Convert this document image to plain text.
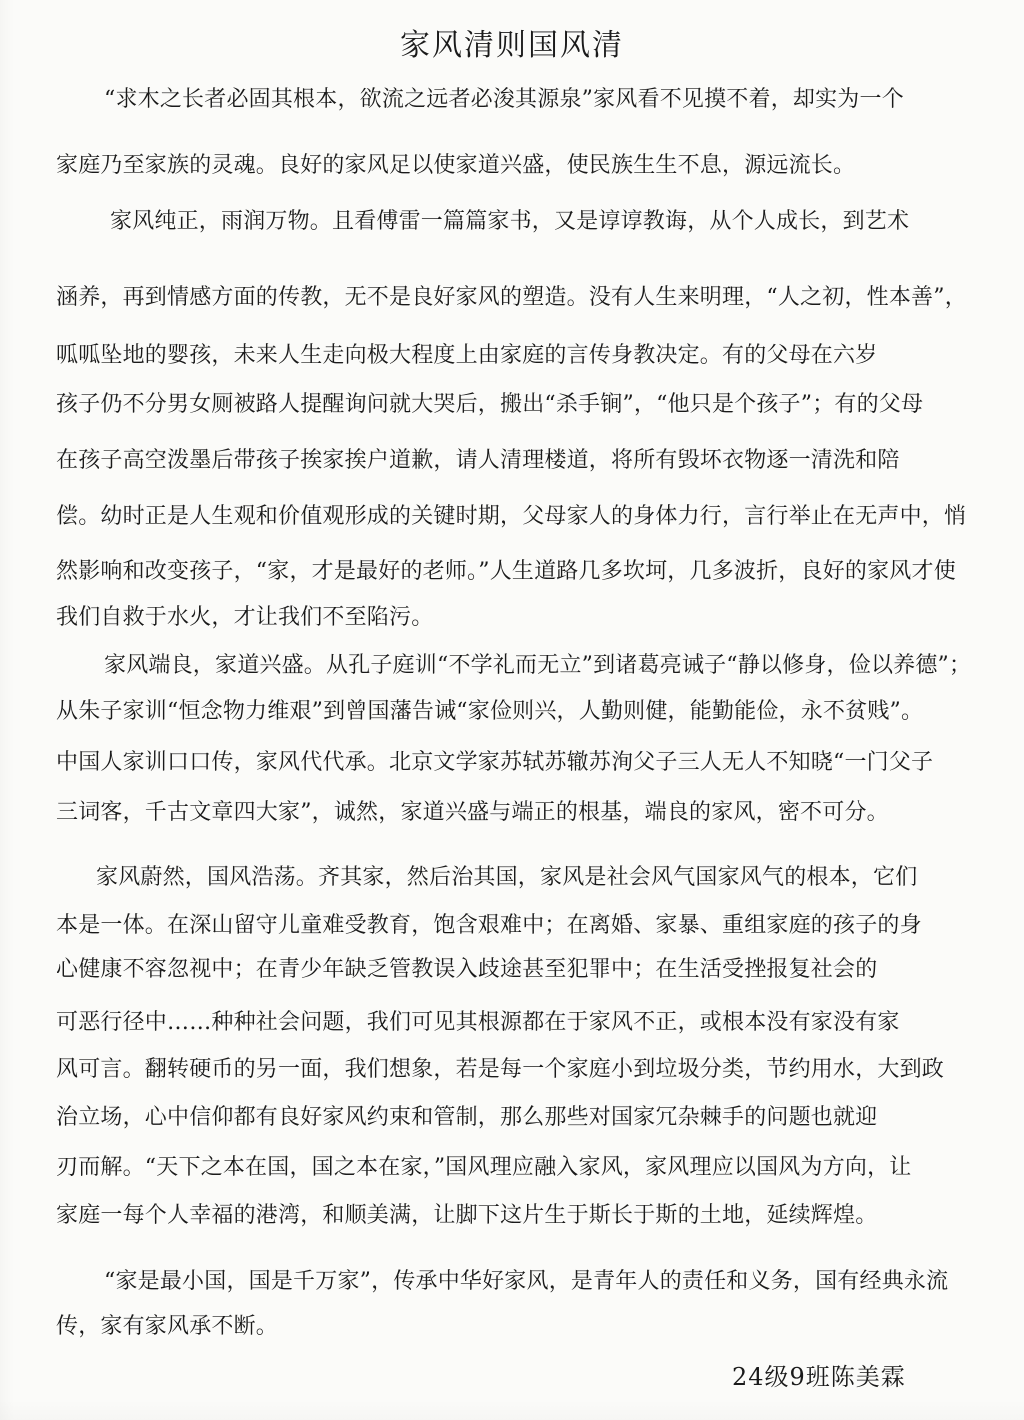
家风清则国风清
“求木之长者必固其根本，欲流之远者必浚其源泉”家风看不见摸不着，却实为一个
家庭乃至家族的灵魂。良好的家风足以使家道兴盛，使民族生生不息，源远流长。
家风纯正，雨润万物。且看傅雷一篇篇家书，又是谆谆教诲，从个人成长，到艺术
涵养，再到情感方面的传教，无不是良好家风的塑造。没有人生来明理，“人之初，性本善”，
呱呱坠地的婴孩，未来人生走向极大程度上由家庭的言传身教决定。有的父母在六岁
孩子仍不分男女厕被路人提醒询问就大哭后，搬出“杀手锏”，“他只是个孩子”；有的父母
在孩子高空泼墨后带孩子挨家挨户道歉，请人清理楼道，将所有毁坏衣物逐一清洗和陪
偿。幼时正是人生观和价值观形成的关键时期，父母家人的身体力行，言行举止在无声中，悄
然影响和改变孩子，“家，才是最好的老师。”人生道路几多坎坷，几多波折，良好的家风才使
我们自救于水火，才让我们不至陷污。
家风端良，家道兴盛。从孔子庭训“不学礼而无立”到诸葛亮诫子“静以修身，俭以养德”；
从朱子家训“恒念物力维艰”到曾国藩告诫“家俭则兴，人勤则健，能勤能俭，永不贫贱”。
中国人家训口口传，家风代代承。北京文学家苏轼苏辙苏洵父子三人无人不知晓“一门父子
三词客，千古文章四大家”，诚然，家道兴盛与端正的根基，端良的家风，密不可分。
家风蔚然，国风浩荡。齐其家，然后治其国，家风是社会风气国家风气的根本，它们
本是一体。在深山留守儿童难受教育，饱含艰难中；在离婚、家暴、重组家庭的孩子的身
心健康不容忽视中；在青少年缺乏管教误入歧途甚至犯罪中；在生活受挫报复社会的
可恶行径中……种种社会问题，我们可见其根源都在于家风不正，或根本没有家没有家
风可言。翻转硬币的另一面，我们想象，若是每一个家庭小到垃圾分类，节约用水，大到政
治立场，心中信仰都有良好家风约束和管制，那么那些对国家冗杂棘手的问题也就迎
刃而解。“天下之本在国，国之本在家，”国风理应融入家风，家风理应以国风为方向，让
家庭一每个人幸福的港湾，和顺美满，让脚下这片生于斯长于斯的土地，延续辉煌。
“家是最小国，国是千万家”，传承中华好家风，是青年人的责任和义务，国有经典永流
传，家有家风承不断。
24级9班陈美霖
